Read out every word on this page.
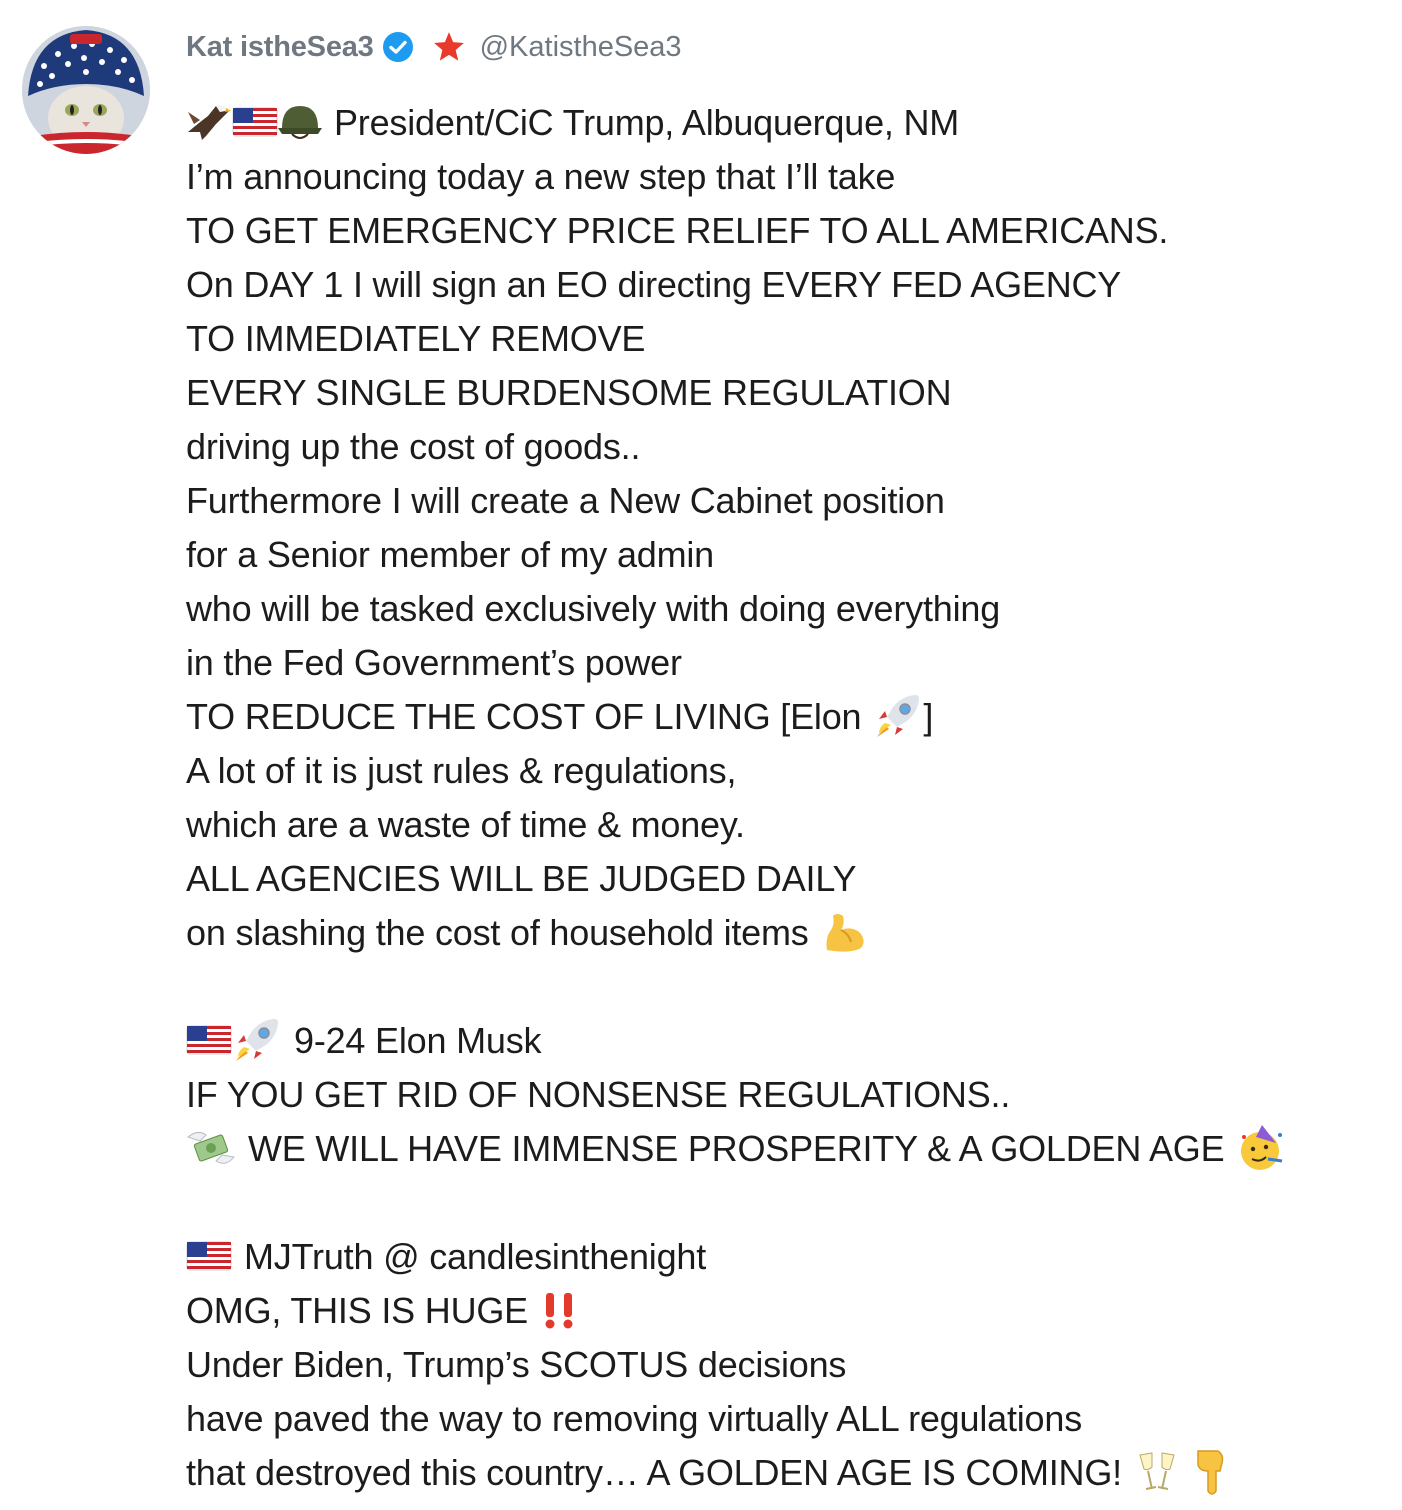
Kat istheSea3	@KatistheSea3
President/CiC Trump, Albuquerque, NM
I’m announcing today a new step that I’ll take
TO GET EMERGENCY PRICE RELIEF TO ALL AMERICANS.
On DAY 1 I will sign an EO directing EVERY FED AGENCY
TO IMMEDIATELY REMOVE
EVERY SINGLE BURDENSOME REGULATION
driving up the cost of goods..
Furthermore I will create a New Cabinet position
for a Senior member of my admin
who will be tasked exclusively with doing everything
in the Fed Government’s power
TO REDUCE THE COST OF LIVING [Elon ]
A lot of it is just rules & regulations,
which are a waste of time & money.
ALL AGENCIES WILL BE JUDGED DAILY
on slashing the cost of household items
9-24 Elon Musk
IF YOU GET RID OF NONSENSE REGULATIONS..
WE WILL HAVE IMMENSE PROSPERITY & A GOLDEN AGE
MJTruth @ candlesinthenight
OMG, THIS IS HUGE
Under Biden, Trump’s SCOTUS decisions
have paved the way to removing virtually ALL regulations
that destroyed this country… A GOLDEN AGE IS COMING!
